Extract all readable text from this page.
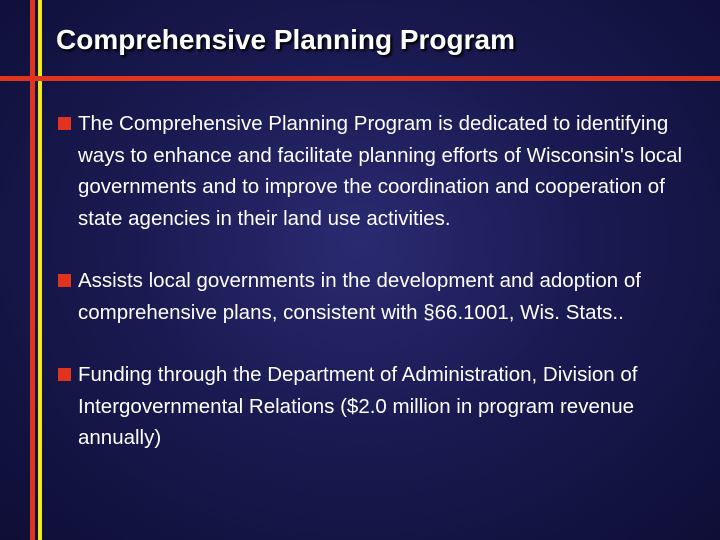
Comprehensive Planning Program
The Comprehensive Planning Program is dedicated to identifying ways to enhance and facilitate planning efforts of Wisconsin's local governments and to improve the coordination and cooperation of state agencies in their land use activities.
Assists local governments in the development and adoption of comprehensive plans, consistent with §66.1001, Wis. Stats..
Funding through the Department of Administration, Division of Intergovernmental Relations ($2.0 million in program revenue annually)
